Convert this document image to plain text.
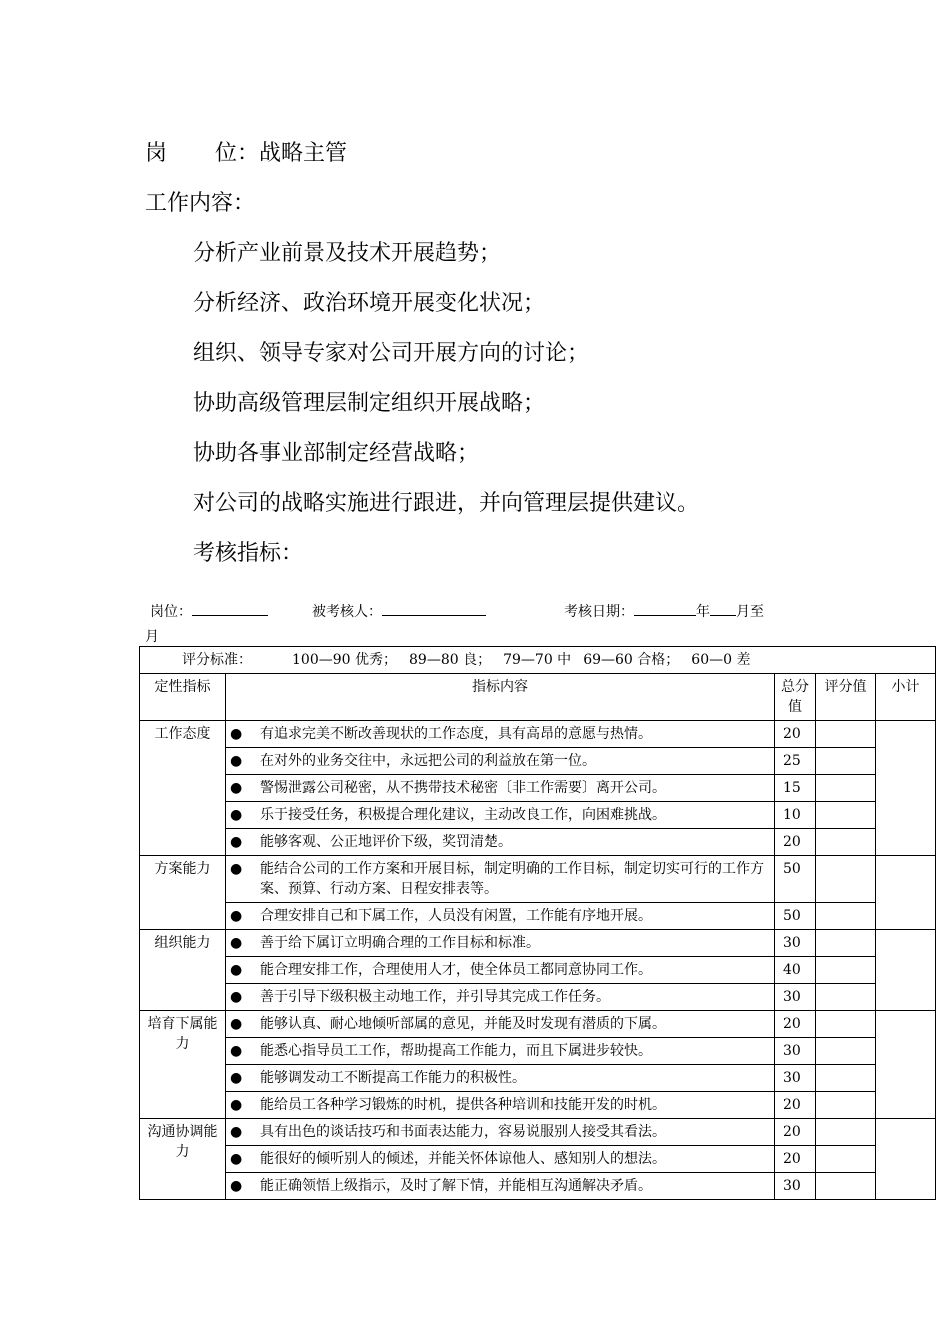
岗 位：战略主管
工作内容：
分析产业前景及技术开展趋势；
分析经济、政治环境开展变化状况；
组织、领导专家对公司开展方向的讨论；
协助高级管理层制定组织开展战略；
协助各事业部制定经营战略；
对公司的战略实施进行跟进，并向管理层提供建议。
考核指标：
岗位：	被考核人：	考核日期：	年 月至
月
评分标准： 100—90 优秀； 89—80 良； 79—70 中 69—60 合格； 60—0 差				
定性指标	指标内容	总分值	评分值	小计
工作态度	● 有追求完美不断改善现状的工作态度，具有高昂的意愿与热情。	20		
	● 在对外的业务交往中，永远把公司的利益放在第一位。	25		
	● 警惕泄露公司秘密，从不携带技术秘密〔非工作需要〕离开公司。	15		
	● 乐于接受任务，积极提合理化建议，主动改良工作，向困难挑战。	10		
	● 能够客观、公正地评价下级，奖罚清楚。	20		
方案能力	● 能结合公司的工作方案和开展目标，制定明确的工作目标，制定切实可行的工作方案、预算、行动方案、日程安排表等。	50		
	● 合理安排自己和下属工作，人员没有闲置，工作能有序地开展。	50		
组织能力	● 善于给下属订立明确合理的工作目标和标准。	30		
	● 能合理安排工作，合理使用人才，使全体员工都同意协同工作。	40		
	● 善于引导下级积极主动地工作，并引导其完成工作任务。	30		
培育下属能力	● 能够认真、耐心地倾听部属的意见，并能及时发现有潜质的下属。	20		
	● 能悉心指导员工工作，帮助提高工作能力，而且下属进步较快。	30		
	● 能够调发动工不断提高工作能力的积极性。	30		
	● 能给员工各种学习锻炼的时机，提供各种培训和技能开发的时机。	20		
沟通协调能力	● 具有出色的谈话技巧和书面表达能力，容易说服别人接受其看法。	20		
	● 能很好的倾听别人的倾述，并能关怀体谅他人、感知别人的想法。	20		
	● 能正确领悟上级指示，及时了解下情，并能相互沟通解决矛盾。	30		
